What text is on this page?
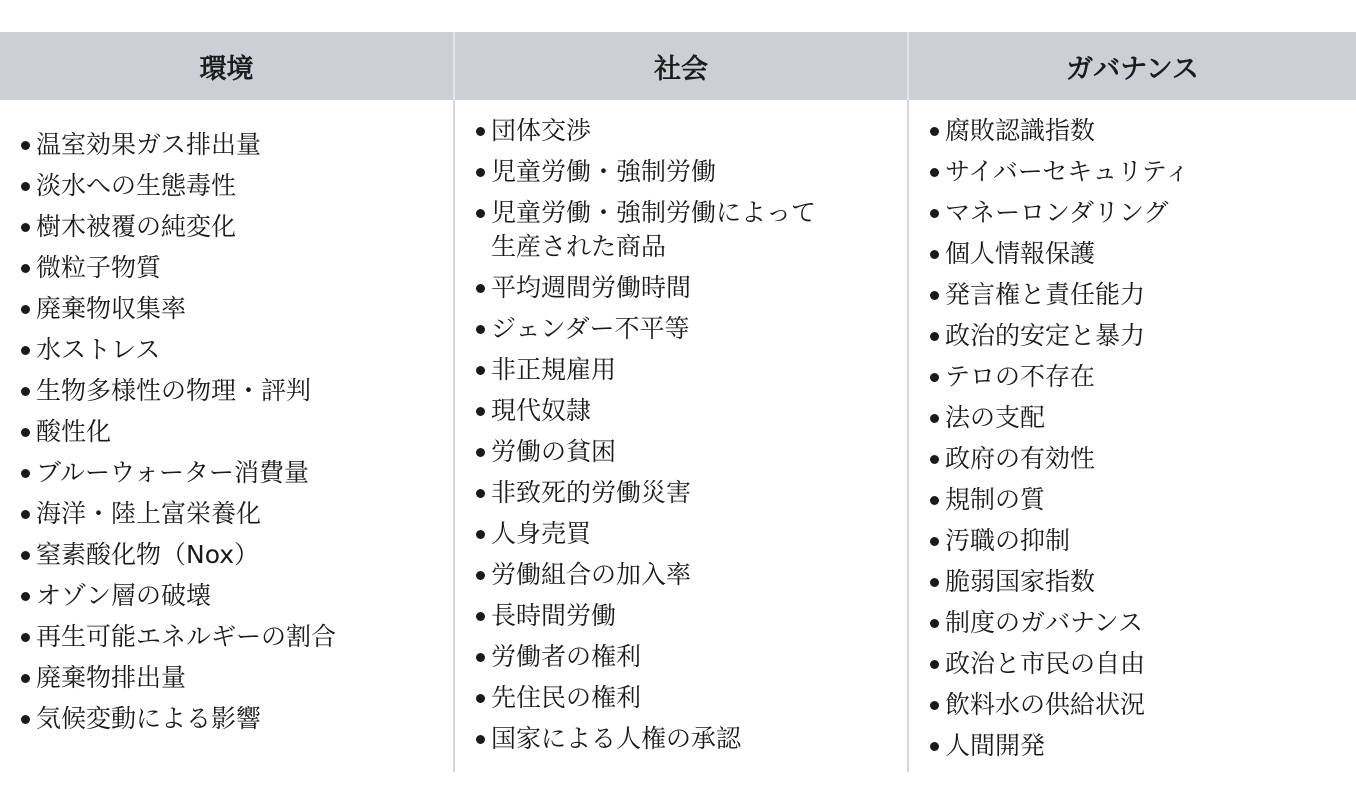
環境	社会	ガバナンス
温室効果ガス排出量
淡水への生態毒性
樹木被覆の純変化
微粒子物質
廃棄物収集率
水ストレス
生物多様性の物理・評判
酸性化
ブルーウォーター消費量
海洋・陸上富栄養化
窒素酸化物（Nox）
オゾン層の破壊
再生可能エネルギーの割合
廃棄物排出量
気候変動による影響
団体交渉
児童労働・強制労働
児童労働・強制労働によって
生産された商品
平均週間労働時間
ジェンダー不平等
非正規雇用
現代奴隷
労働の貧困
非致死的労働災害
人身売買
労働組合の加入率
長時間労働
労働者の権利
先住民の権利
国家による人権の承認
腐敗認識指数
サイバーセキュリティ
マネーロンダリング
個人情報保護
発言権と責任能力
政治的安定と暴力
テロの不存在
法の支配
政府の有効性
規制の質
汚職の抑制
脆弱国家指数
制度のガバナンス
政治と市民の自由
飲料水の供給状況
人間開発
